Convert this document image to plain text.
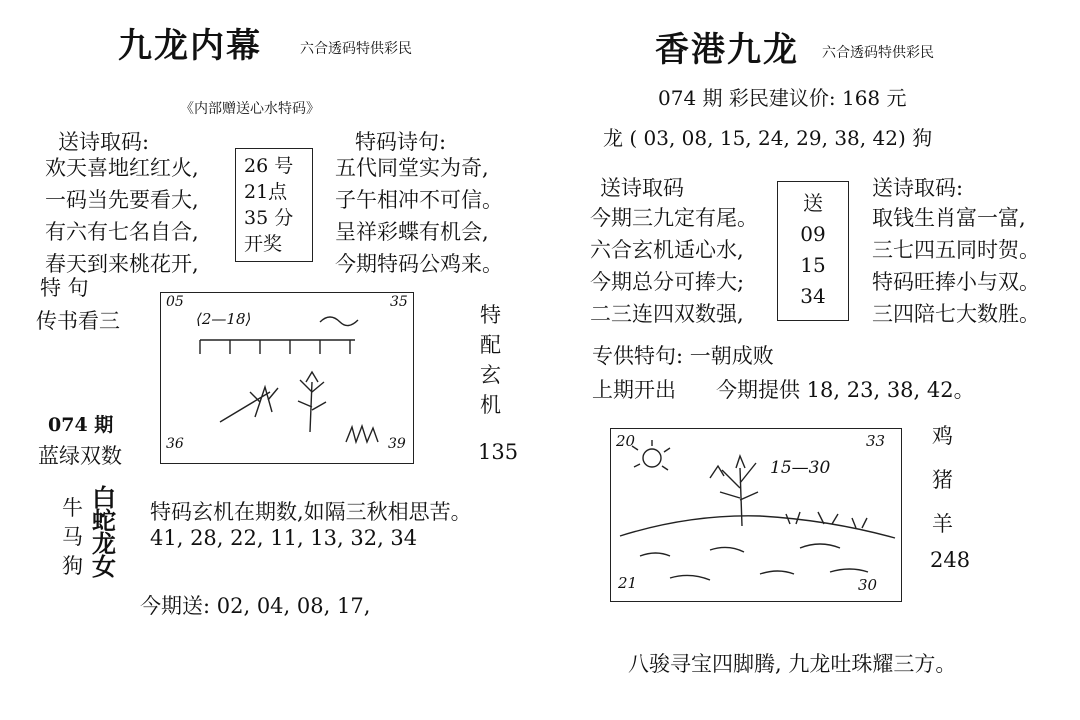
九龙内幕	六合透码特供彩民
《内部赠送心水特码》
送诗取码:	特码诗句:
欢天喜地红红火,
一码当先要看大,
有六有七名自合,
春天到来桃花开,
26 号
21点
35 分
开奖
五代同堂实为奇,
子午相冲不可信。
呈祥彩蝶有机会,
今期特码公鸡来。
特 句
传书看三
074 期
蓝绿双数
05	35
36	39
⟨2—18⟩	特
配
玄
机
135
牛
马
狗
白
蛇
龙
女
特码玄机在期数,如隔三秋相思苦。
41, 28, 22, 11, 13, 32, 34
今期送: 02, 04, 08, 17,
香港九龙 六合透码特供彩民
074 期 彩民建议价: 168 元
龙 ( 03, 08, 15, 24, 29, 38, 42) 狗
送诗取码	送诗取码:
今期三九定有尾。
六合玄机适心水,
今期总分可捧大;
二三连四双数强,
送
09
15
34
取钱生肖富一富,
三七四五同时贺。
特码旺捧小与双。
三四陪七大数胜。
专供特句: 一朝成败
上期开出 今期提供 18, 23, 38, 42。
20	33
21	30
15—30
鸡
猪
羊
248
八骏寻宝四脚腾, 九龙吐珠耀三方。
